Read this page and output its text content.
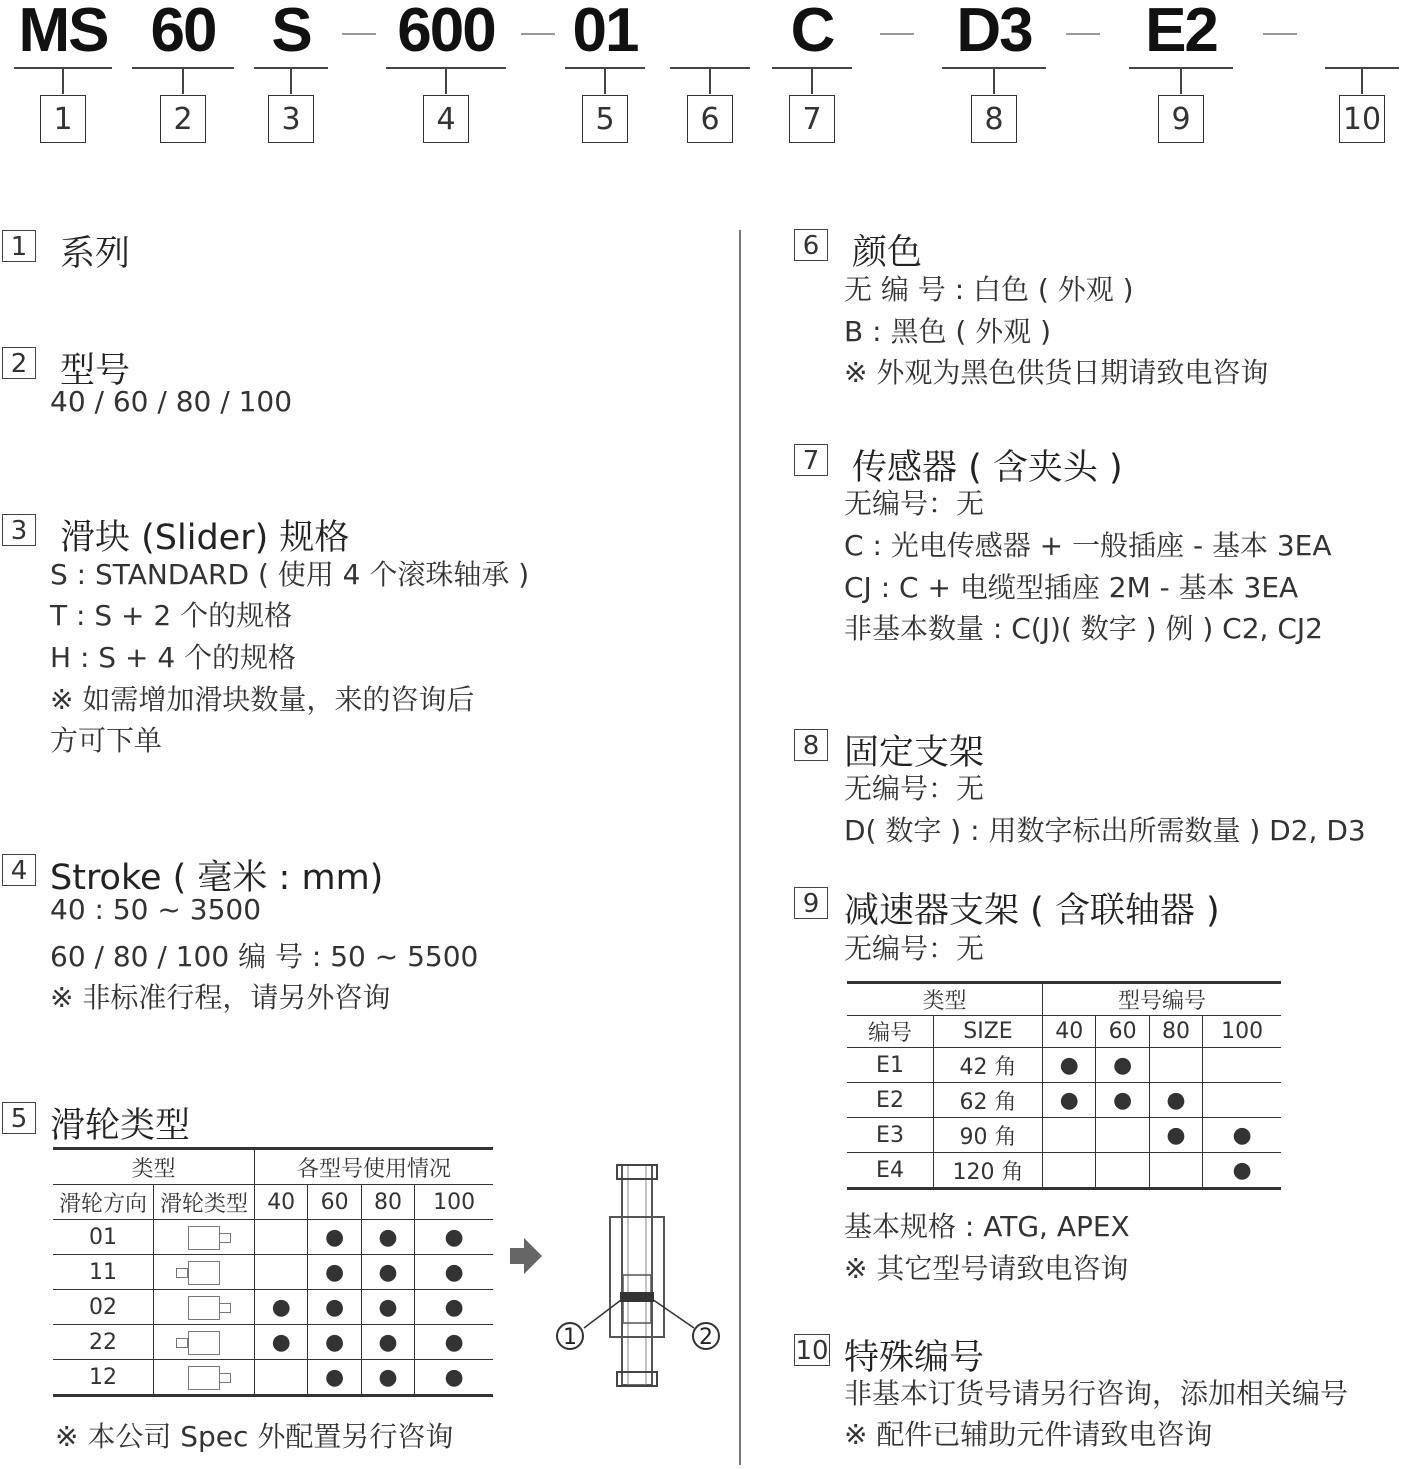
MS 60 S 600 01 C D3 E2
1	2	3	4	5	6	7	8	9	10
1 系列
2 型号
40 / 60 / 80 / 100
3 滑块 (Slider) 规格
S : STANDARD ( 使用 4 个滚珠轴承 )
T : S + 2 个的规格
H : S + 4 个的规格
※ 如需增加滑块数量，来的咨询后
方可下单
4 Stroke ( 毫米 : mm)
40 : 50 ~ 3500
60 / 80 / 100 编 号 : 50 ~ 5500
※ 非标准行程，请另外咨询
5 滑轮类型
类型		各型号使用情况			
滑轮方向	滑轮类型	40	60	80	100
01			●	●	●
11			●	●	●
02		●	●	●	●
22		●	●	●	●
12			●	●	●
1	2
※ 本公司 Spec 外配置另行咨询
6 颜色
无 编 号 : 白色 ( 外观 )
B : 黑色 ( 外观 )
※ 外观为黑色供货日期请致电咨询
7 传感器 ( 含夹头 )
无编号：无
C : 光电传感器 + 一般插座 - 基本 3EA
CJ : C + 电缆型插座 2M - 基本 3EA
非基本数量 : C(J)( 数字 ) 例 ) C2, CJ2
8 固定支架
无编号：无
D( 数字 ) : 用数字标出所需数量 ) D2, D3
9 减速器支架 ( 含联轴器 )
无编号：无
类型		型号编号			
编号	SIZE	40	60	80	100
E1	42 角	●	●		
E2	62 角	●	●	●	
E3	90 角			●	●
E4	120 角				●
基本规格 : ATG, APEX
※ 其它型号请致电咨询
10 特殊编号
非基本订货号请另行咨询，添加相关编号
※ 配件已辅助元件请致电咨询
